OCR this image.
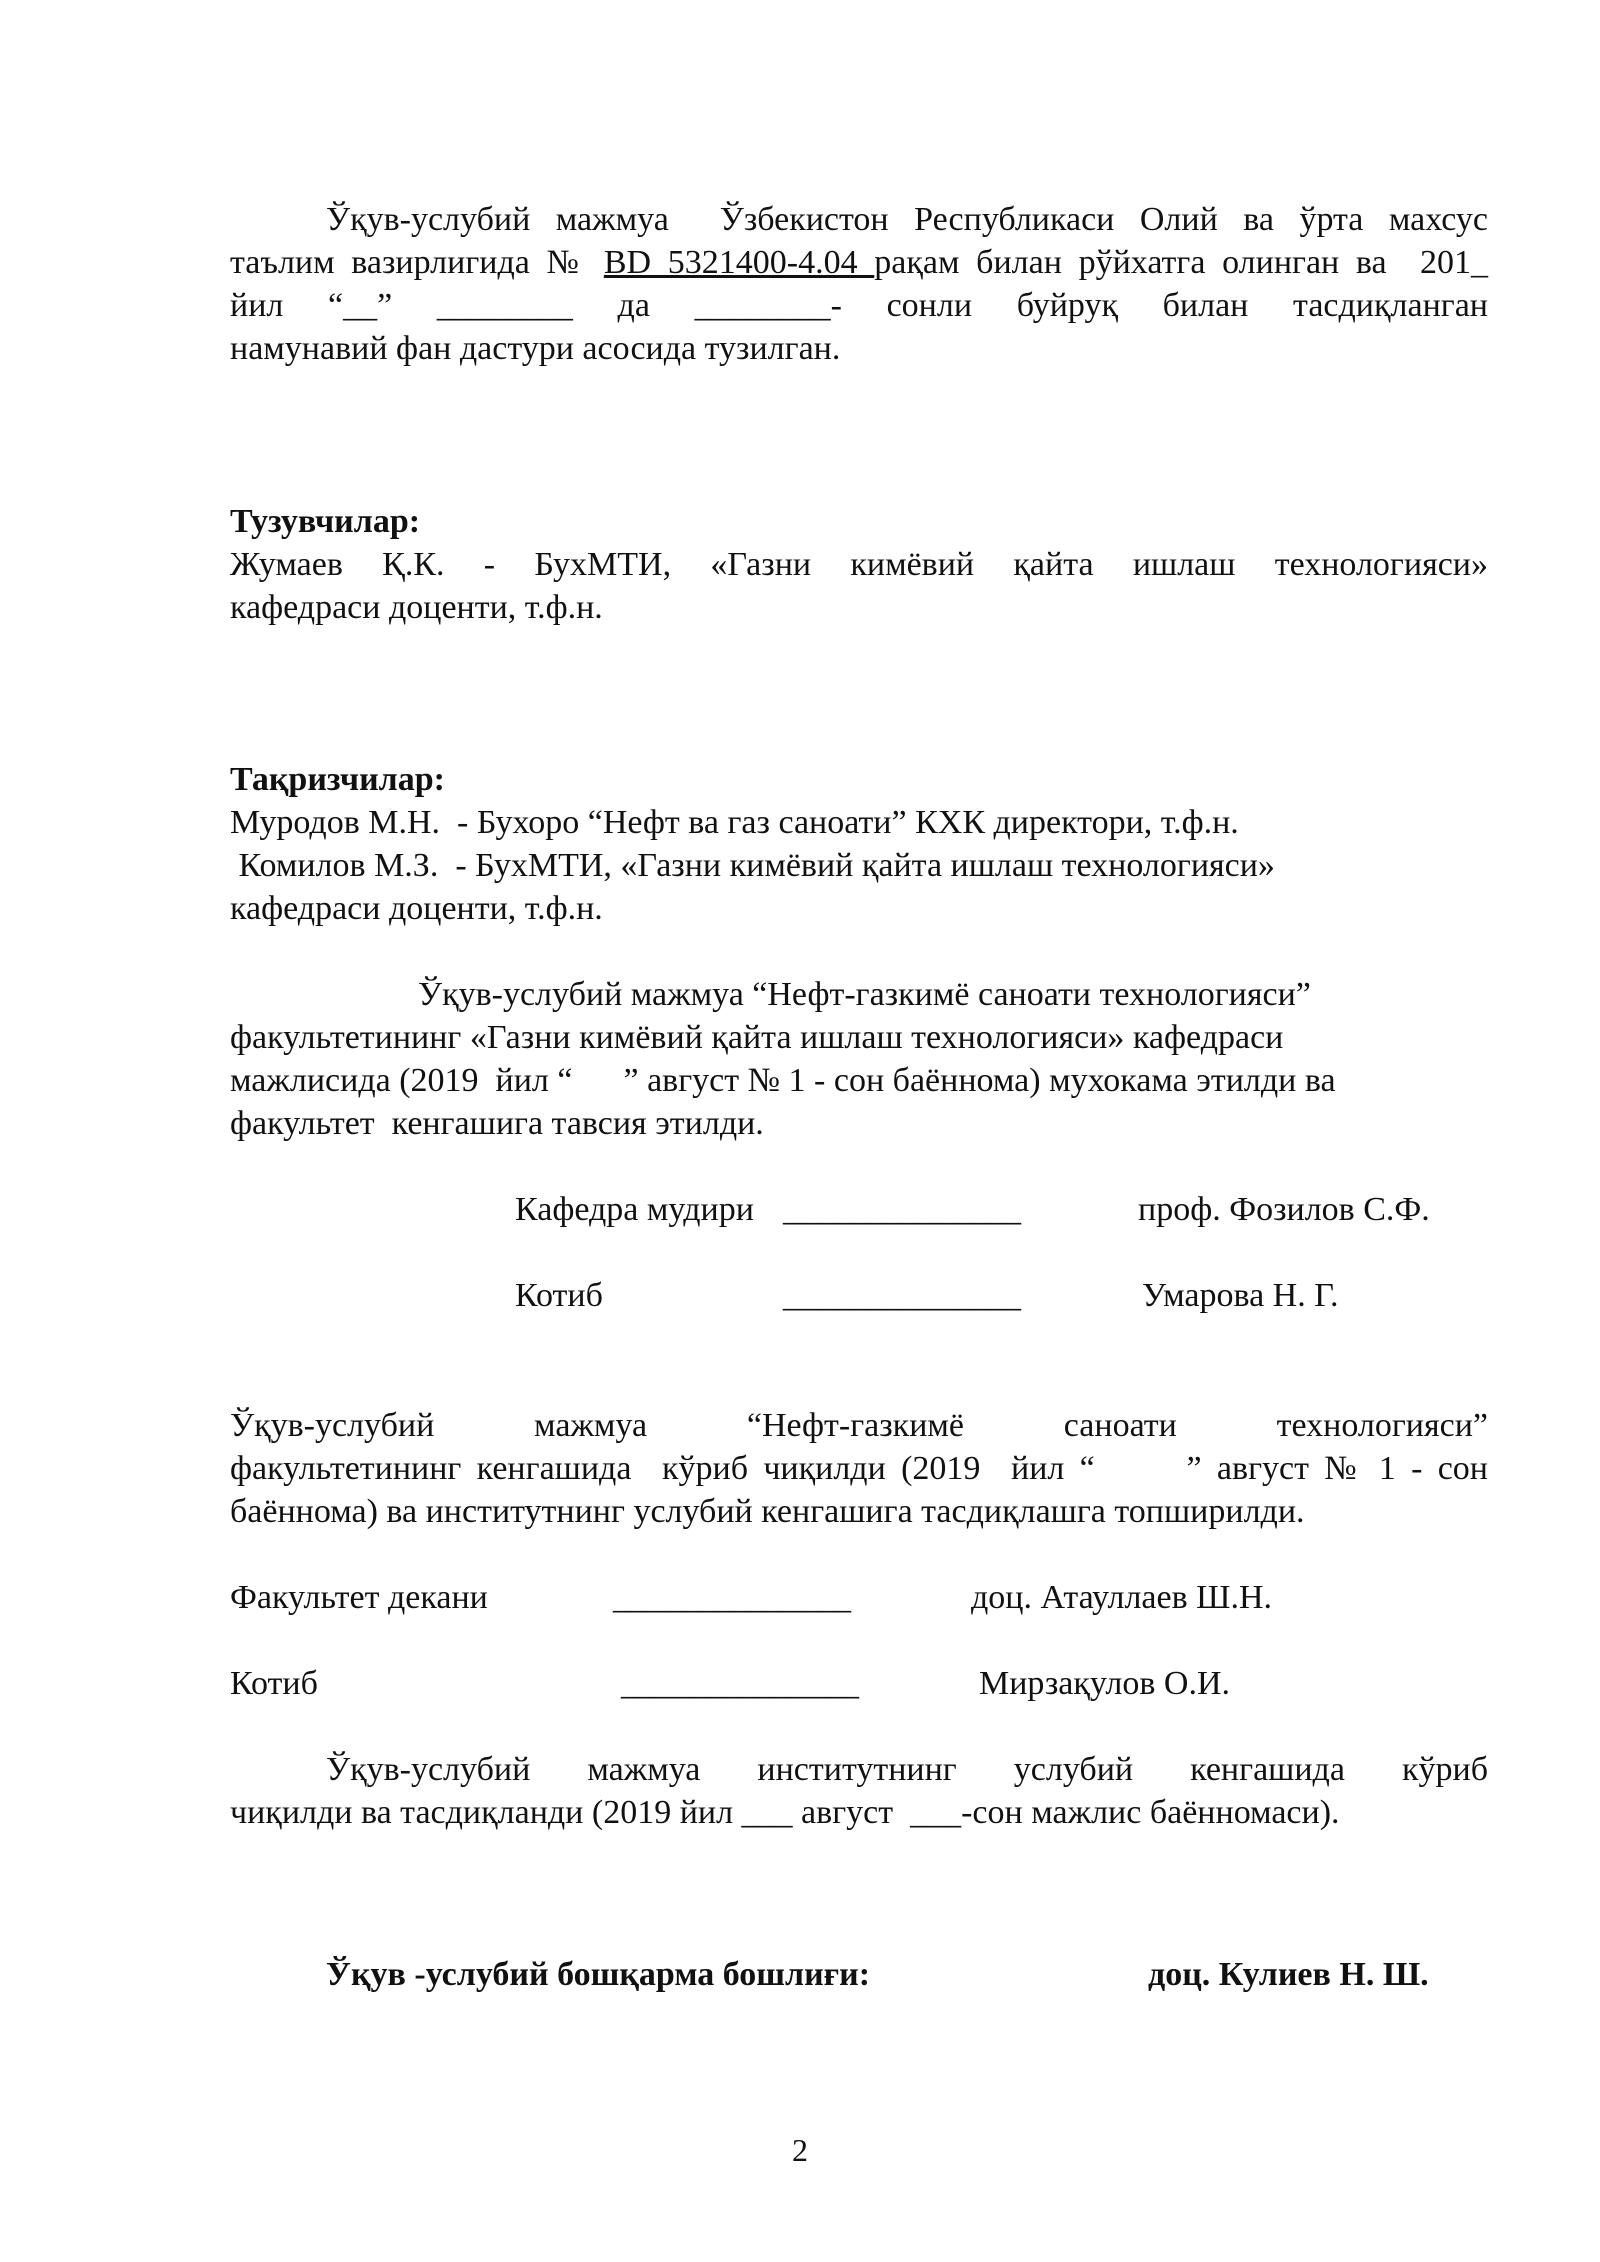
Ўқув-услубий мажмуа  Ўзбекистон Республикаси Олий ва ўрта махсус
таълим вазирлигида № BD 5321400-4.04 рақам билан рўйхатга олинган ва  201_
йил “__” ________ да ________- сонли буйруқ билан тасдиқланган
намунавий фан дастури асосида тузилган.
Тузувчилар:
Жумаев Қ.К. - БухМТИ, «Газни кимёвий қайта ишлаш технологияси»
кафедраси доценти, т.ф.н.
Тақризчилар:
Муродов М.Н.  - Бухоро “Нефт ва газ саноати” КХК директори, т.ф.н.
Комилов М.З.  - БухМТИ, «Газни кимёвий қайта ишлаш технологияси»
кафедраси доценти, т.ф.н.
Ўқув-услубий мажмуа “Нефт-газкимё саноати технологияси”
факультетининг «Газни кимёвий қайта ишлаш технологияси» кафедраси
мажлисида (2019  йил “      ” август № 1 - сон баённома) мухокама этилди ва
факультет  кенгашига тавсия этилди.
Кафедра мудири ______________	проф. Фозилов С.Ф.
Котиб	______________	Умарова Н. Г.
Ўқув-услубий мажмуа “Нефт-газкимё саноати технологияси”
факультетининг кенгашида  кўриб чиқилди (2019  йил “      ” август № 1 - сон
баённома) ва институтнинг услубий кенгашига тасдиқлашга топширилди.
Факультет декани	______________	доц. Атауллаев Ш.Н.
Котиб	______________	Мирзақулов О.И.
Ўқув-услубий мажмуа институтнинг услубий кенгашида кўриб
чиқилди ва тасдиқланди (2019 йил ___ август  ___-сон мажлис баённомаси).
Ўқув -услубий бошқарма бошлиғи:	доц. Кулиев Н. Ш.
2
